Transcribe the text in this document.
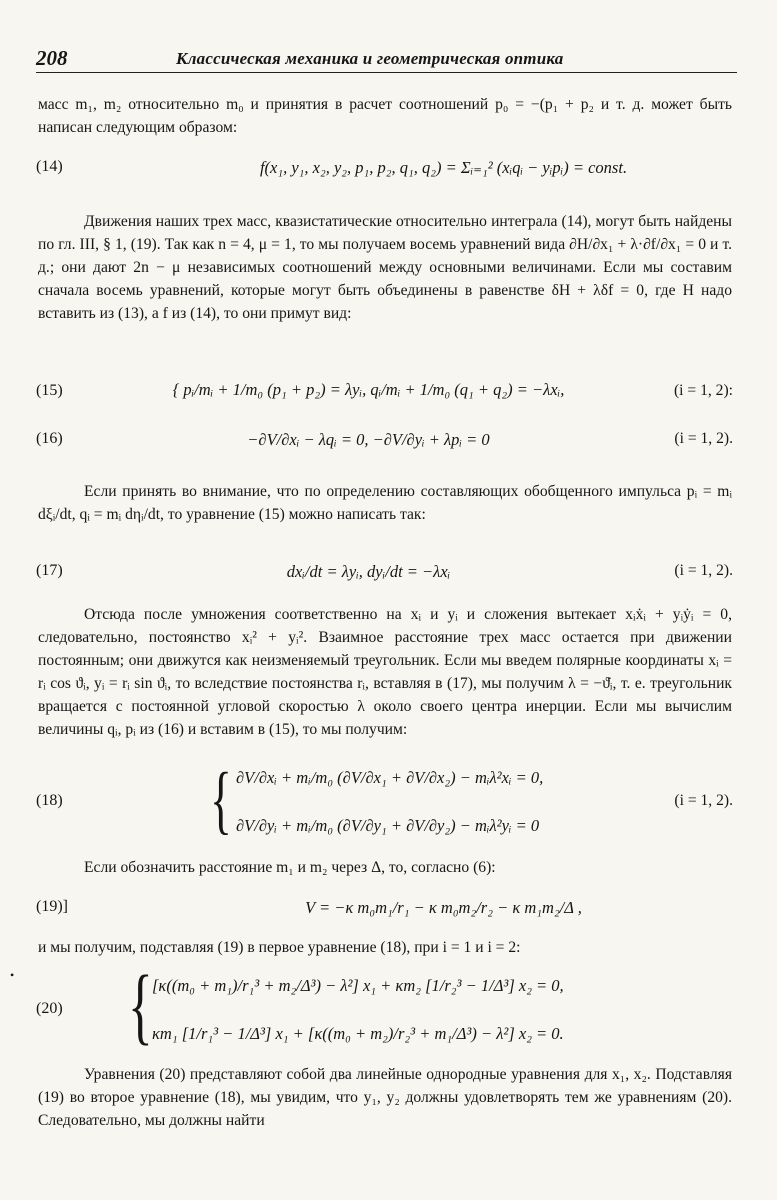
208	Классическая механика и геометрическая оптика
масс m₁, m₂ относительно m₀ и принятия в расчет соотношений p₀ = −(p₁ + p₂ и т. д. может быть написан следующим образом:
(14)	f(x₁, y₁, x₂, y₂, p₁, p₂, q₁, q₂) = Σᵢ₌₁² (xᵢqᵢ − yᵢpᵢ) = const.
Движения наших трех масс, квазистатические относительно интеграла (14), могут быть найдены по гл. III, § 1, (19). Так как n = 4, μ = 1, то мы получаем восемь уравнений вида ∂H/∂x₁ + λ·∂f/∂x₁ = 0 и т. д.; они дают 2n − μ независимых соотношений между основными величинами. Если мы составим сначала восемь уравнений, которые могут быть объединены в равенстве δH + λδf = 0, где H надо вставить из (13), а f из (14), то они примут вид:
(15)	{ pᵢ/mᵢ + 1/m₀ (p₁ + p₂) = λyᵢ, qᵢ/mᵢ + 1/m₀ (q₁ + q₂) = −λxᵢ,	(i = 1, 2):
(16)	−∂V/∂xᵢ − λqᵢ = 0, −∂V/∂yᵢ + λpᵢ = 0	(i = 1, 2).
Если принять во внимание, что по определению составляющих обобщенного импульса pᵢ = mᵢ dξᵢ/dt, qᵢ = mᵢ dηᵢ/dt, то уравнение (15) можно написать так:
(17)	dxᵢ/dt = λyᵢ, dyᵢ/dt = −λxᵢ	(i = 1, 2).
Отсюда после умножения соответственно на xᵢ и yᵢ и сложения вытекает xᵢẋᵢ + yᵢẏᵢ = 0, следовательно, постоянство xᵢ² + yᵢ². Взаимное расстояние трех масс остается при движении постоянным; они движутся как неизменяемый треугольник. Если мы введем полярные координаты xᵢ = rᵢ cos ϑᵢ, yᵢ = rᵢ sin ϑᵢ, то вследствие постоянства rᵢ, вставляя в (17), мы получим λ = −ϑ̇ᵢ, т. е. треугольник вращается с постоянной угловой скоростью λ около своего центра инерции. Если мы вычислим величины qᵢ, pᵢ из (16) и вставим в (15), то мы получим:
(18) { ∂V/∂xᵢ + mᵢ/m₀ (∂V/∂x₁ + ∂V/∂x₂) − mᵢλ²xᵢ = 0,
∂V/∂yᵢ + mᵢ/m₀ (∂V/∂y₁ + ∂V/∂y₂) − mᵢλ²yᵢ = 0
(i = 1, 2).
Если обозначить расстояние m₁ и m₂ через Δ, то, согласно (6):
(19)]	V = −κ m₀m₁/r₁ − κ m₀m₂/r₂ − κ m₁m₂/Δ ,
и мы получим, подставляя (19) в первое уравнение (18), при i = 1 и i = 2:
•
(20) { [κ((m₀ + m₁)/r₁³ + m₂/Δ³) − λ²] x₁ + κm₂ [1/r₂³ − 1/Δ³] x₂ = 0,
κm₁ [1/r₁³ − 1/Δ³] x₁ + [κ((m₀ + m₂)/r₂³ + m₁/Δ³) − λ²] x₂ = 0.
Уравнения (20) представляют собой два линейные однородные уравнения для x₁, x₂. Подставляя (19) во второе уравнение (18), мы увидим, что y₁, y₂ должны удовлетворять тем же уравнениям (20). Следовательно, мы должны найти
